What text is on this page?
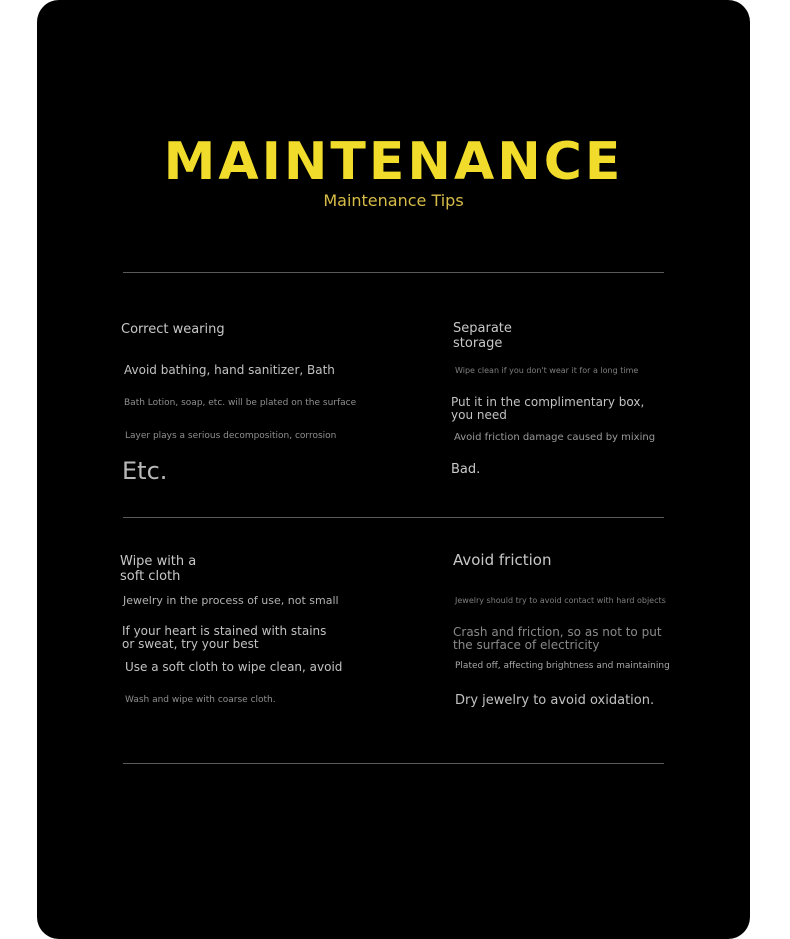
MAINTENANCE
Maintenance Tips
Correct wearing
Avoid bathing, hand sanitizer, Bath
Bath Lotion, soap, etc. will be plated on the surface
Layer plays a serious decomposition, corrosion
Etc.
Separate storage
Wipe clean if you don't wear it for a long time
Put it in the complimentary box, you need
Avoid friction damage caused by mixing
Bad.
Wipe with a soft cloth
Jewelry in the process of use, not small
If your heart is stained with stains or sweat, try your best
Use a soft cloth to wipe clean, avoid
Wash and wipe with coarse cloth.
Avoid friction
Jewelry should try to avoid contact with hard objects
Crash and friction, so as not to put the surface of electricity
Plated off, affecting brightness and maintaining
Dry jewelry to avoid oxidation.
